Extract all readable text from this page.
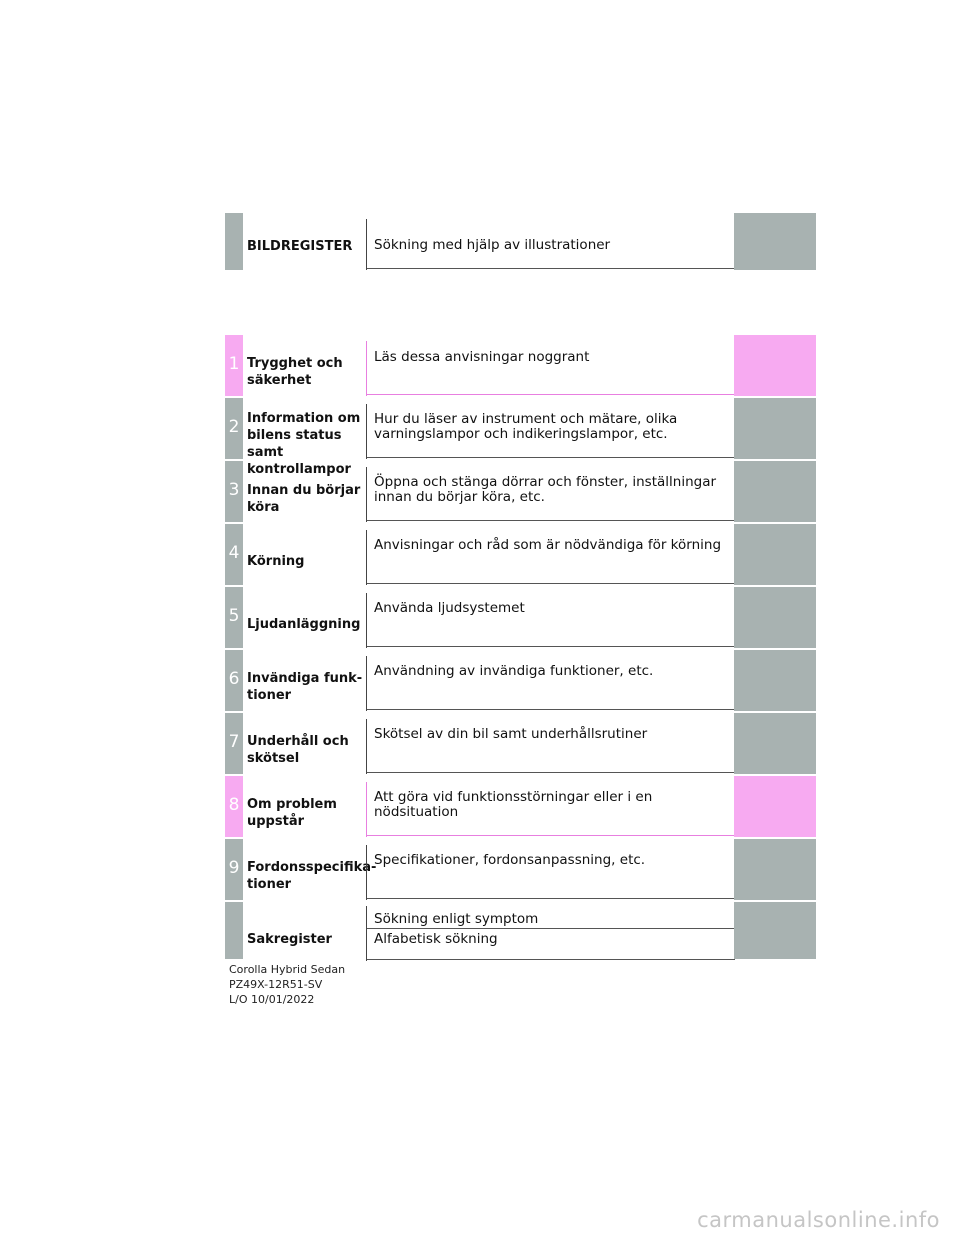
BILDREGISTER	Sökning med hjälp av illustrationer
1 Trygghet och säkerhet
Läs dessa anvisningar noggrant
2 Information om bilens status samt kontrollampor
Hur du läser av instrument och mätare, olika varningslampor och indikeringslampor, etc.
3 Innan du börjar köra
Öppna och stänga dörrar och fönster, inställningar innan du börjar köra, etc.
4 Körning
Anvisningar och råd som är nödvändiga för körning
5 Ljudanläggning
Använda ljudsystemet
6 Invändiga funk-tioner
Användning av invändiga funktioner, etc.
7 Underhåll och skötsel
Skötsel av din bil samt underhållsrutiner
8 Om problem uppstår
Att göra vid funktionsstörningar eller i en nödsituation
9 Fordonsspecifika-tioner
Specifikationer, fordonsanpassning, etc.
Sakregister
Sökning enligt symptom
Alfabetisk sökning
Corolla Hybrid Sedan
PZ49X-12R51-SV
L/O 10/01/2022
carmanualsonline.info
